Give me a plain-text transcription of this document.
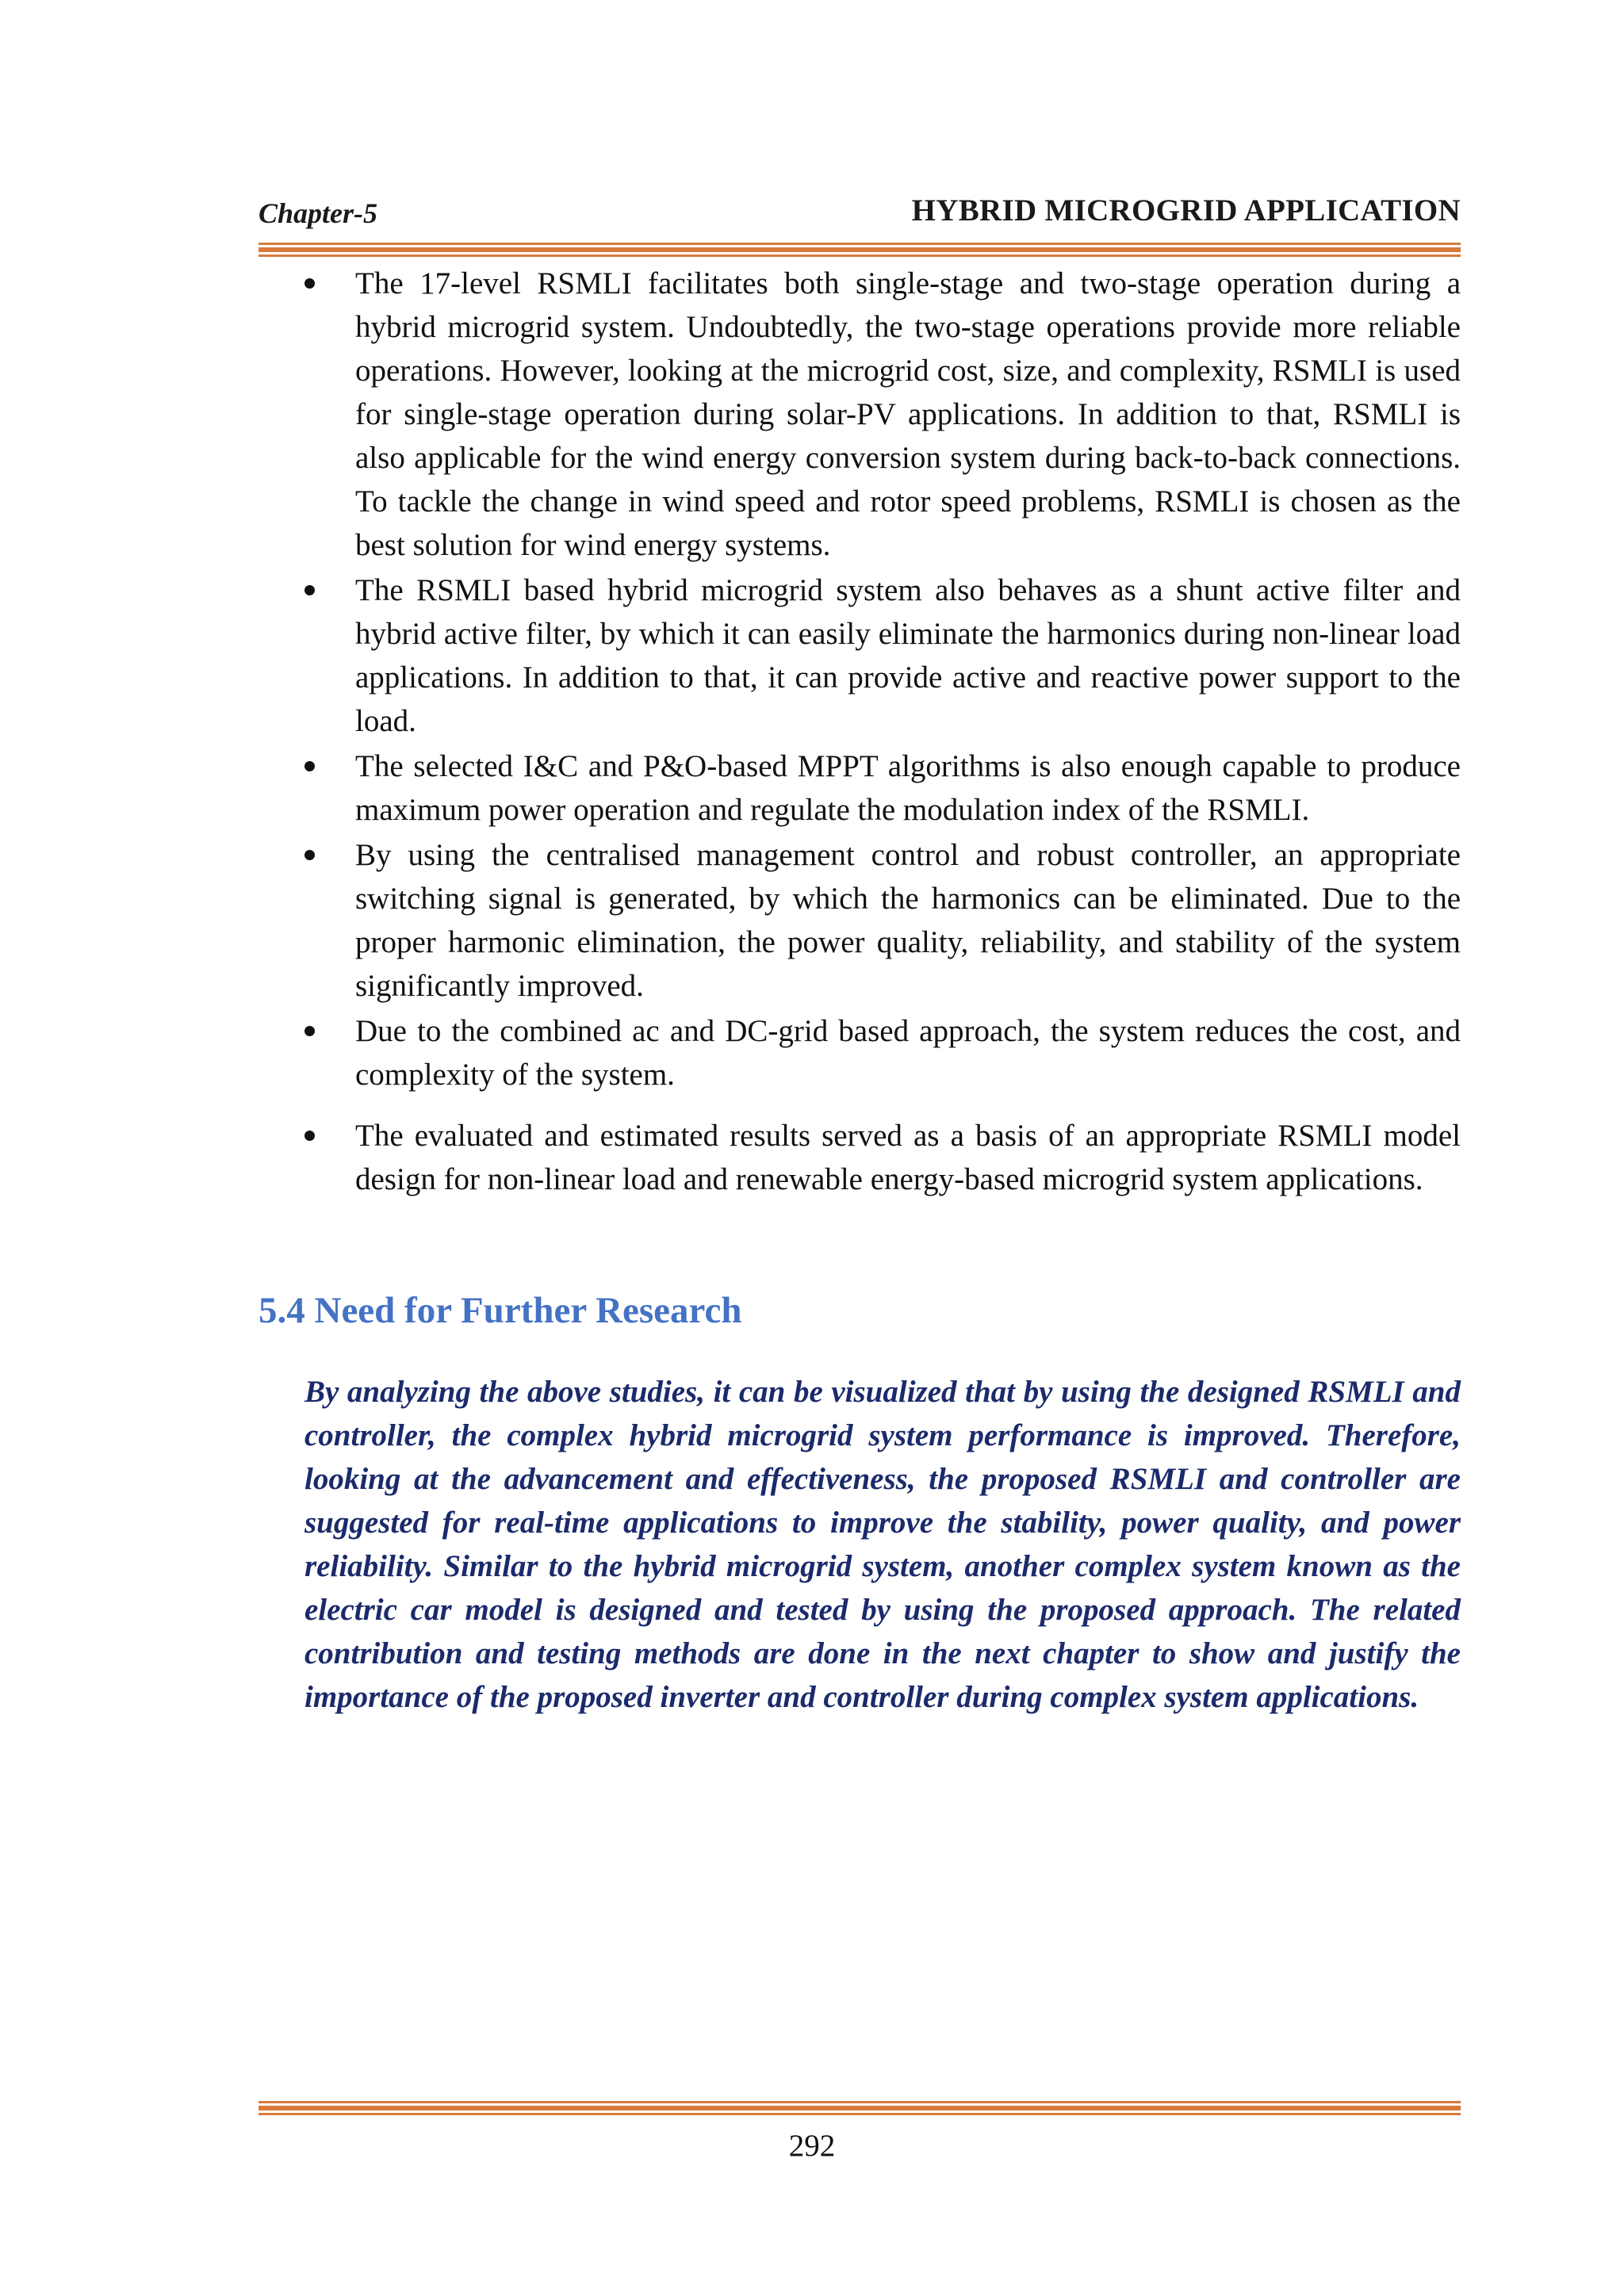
Chapter-5	HYBRID MICROGRID APPLICATION
The 17-level RSMLI facilitates both single-stage and two-stage operation during a hybrid microgrid system. Undoubtedly, the two-stage operations provide more reliable operations. However, looking at the microgrid cost, size, and complexity, RSMLI is used for single-stage operation during solar-PV applications. In addition to that, RSMLI is also applicable for the wind energy conversion system during back-to-back connections. To tackle the change in wind speed and rotor speed problems, RSMLI is chosen as the best solution for wind energy systems.
The RSMLI based hybrid microgrid system also behaves as a shunt active filter and hybrid active filter, by which it can easily eliminate the harmonics during non-linear load applications. In addition to that, it can provide active and reactive power support to the load.
The selected I&C and P&O-based MPPT algorithms is also enough capable to produce maximum power operation and regulate the modulation index of the RSMLI.
By using the centralised management control and robust controller, an appropriate switching signal is generated, by which the harmonics can be eliminated. Due to the proper harmonic elimination, the power quality, reliability, and stability of the system significantly improved.
Due to the combined ac and DC-grid based approach, the system reduces the cost, and complexity of the system.
The evaluated and estimated results served as a basis of an appropriate RSMLI model design for non-linear load and renewable energy-based microgrid system applications.
5.4 Need for Further Research

By analyzing the above studies, it can be visualized that by using the designed RSMLI and controller, the complex hybrid microgrid system performance is improved. Therefore, looking at the advancement and effectiveness, the proposed RSMLI and controller are suggested for real-time applications to improve the stability, power quality, and power reliability. Similar to the hybrid microgrid system, another complex system known as the electric car model is designed and tested by using the proposed approach. The related contribution and testing methods are done in the next chapter to show and justify the importance of the proposed inverter and controller during complex system applications.

292
